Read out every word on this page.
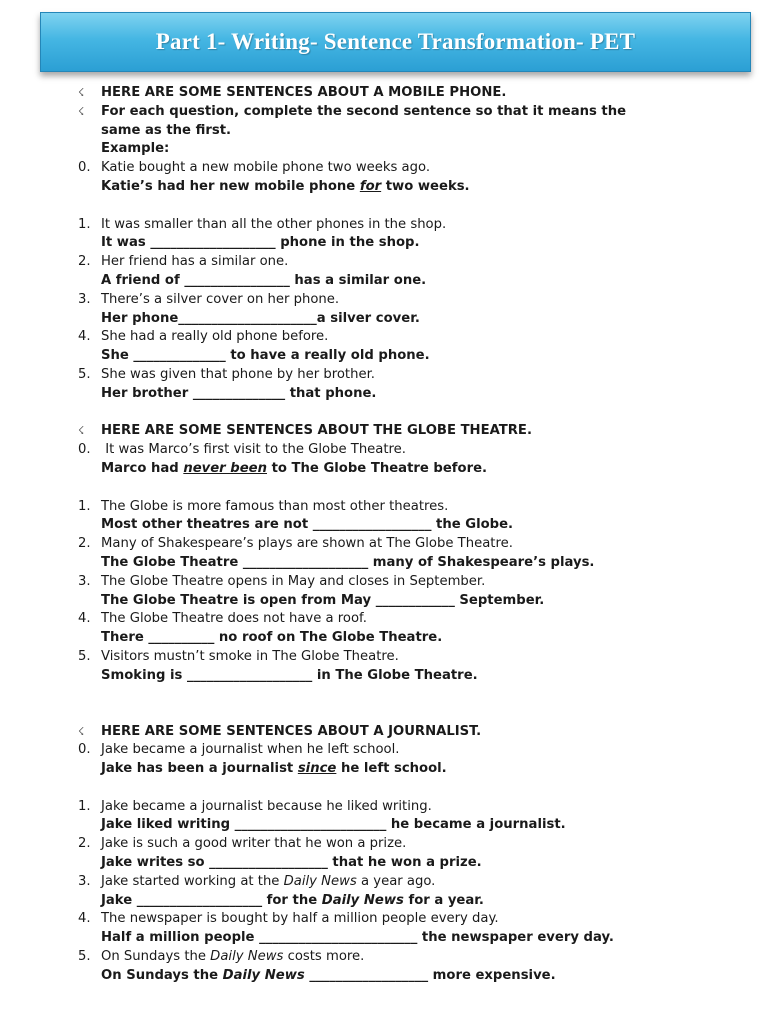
Part 1- Writing- Sentence Transformation- PET
☇	HERE ARE SOME SENTENCES ABOUT A MOBILE PHONE.
☇	For each question, complete the second sentence so that it means the
same as the first.
Example:
0. Katie bought a new mobile phone two weeks ago.
Katie’s had her new mobile phone for two weeks.
1. It was smaller than all the other phones in the shop.
It was ___________________ phone in the shop.
2. Her friend has a similar one.
A friend of ________________ has a similar one.
3. There’s a silver cover on her phone.
Her phone _____________________ a silver cover.
4. She had a really old phone before.
She ______________ to have a really old phone.
5. She was given that phone by her brother.
Her brother ______________ that phone.
☇	HERE ARE SOME SENTENCES ABOUT THE GLOBE THEATRE.
0. It was Marco’s first visit to the Globe Theatre.
Marco had never been to The Globe Theatre before.
1. The Globe is more famous than most other theatres.
Most other theatres are not __________________ the Globe.
2. Many of Shakespeare’s plays are shown at The Globe Theatre.
The Globe Theatre ___________________ many of Shakespeare’s plays.
3. The Globe Theatre opens in May and closes in September.
The Globe Theatre is open from May ____________ September.
4. The Globe Theatre does not have a roof.
There __________ no roof on The Globe Theatre.
5. Visitors mustn’t smoke in The Globe Theatre.
Smoking is ___________________ in The Globe Theatre.
☇	HERE ARE SOME SENTENCES ABOUT A JOURNALIST.
0. Jake became a journalist when he left school.
Jake has been a journalist since he left school.
1. Jake became a journalist because he liked writing.
Jake liked writing _______________________ he became a journalist.
2. Jake is such a good writer that he won a prize.
Jake writes so __________________ that he won a prize.
3. Jake started working at the Daily News a year ago.
Jake ___________________ for the Daily News for a year.
4. The newspaper is bought by half a million people every day.
Half a million people ________________________ the newspaper every day.
5. On Sundays the Daily News costs more.
On Sundays the Daily News __________________ more expensive.
